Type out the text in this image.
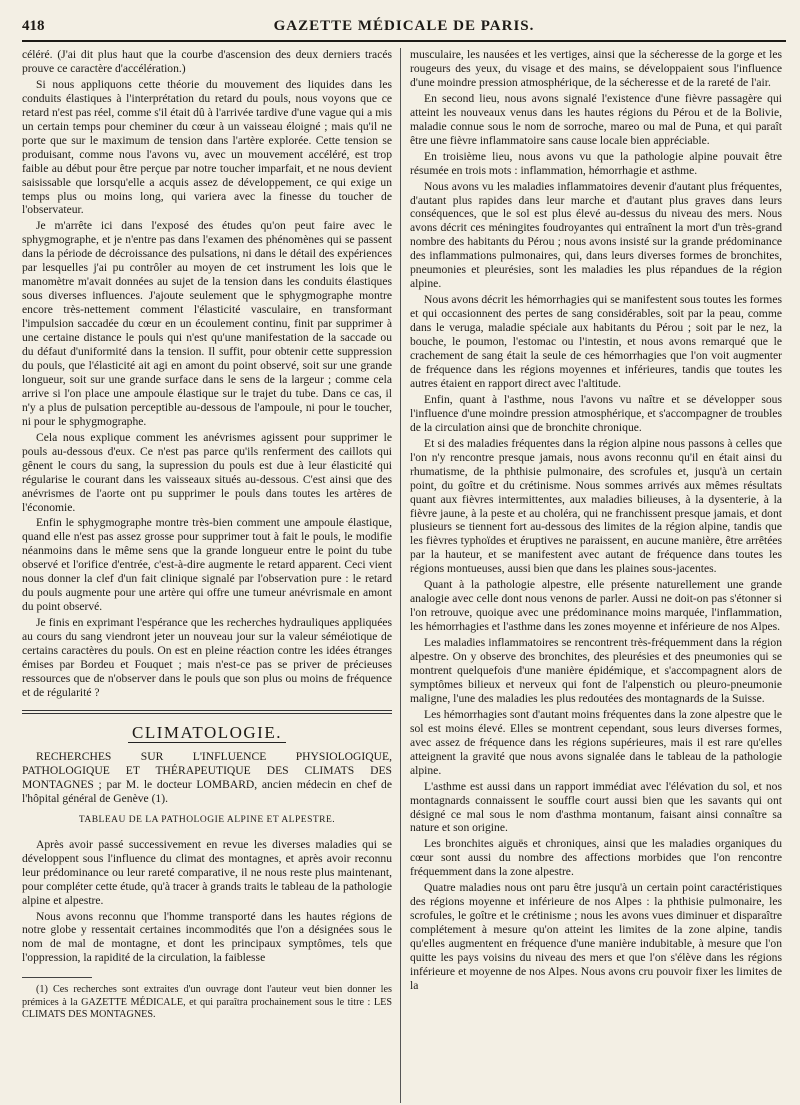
418	GAZETTE MÉDICALE DE PARIS.

céléré. (J'ai dit plus haut que la courbe d'ascension des deux derniers tracés prouve ce caractère d'accélération.)

Si nous appliquons cette théorie du mouvement des liquides dans les conduits élastiques à l'interprétation du retard du pouls, nous voyons que ce retard n'est pas réel, comme s'il était dû à l'arrivée tardive d'une vague qui a mis un certain temps pour cheminer du cœur à un vaisseau éloigné ; mais qu'il ne porte que sur le maximum de tension dans l'artère explorée. Cette tension se produisant, comme nous l'avons vu, avec un mouvement accéléré, est trop faible au début pour être perçue par notre toucher imparfait, et ne nous devient saisissable que lorsqu'elle a acquis assez de développement, ce qui exige un temps plus ou moins long, qui variera avec la finesse du toucher de l'observateur.

Je m'arrête ici dans l'exposé des études qu'on peut faire avec le sphygmographe, et je n'entre pas dans l'examen des phénomènes qui se passent dans la période de décroissance des pulsations, ni dans le détail des expériences par lesquelles j'ai pu contrôler au moyen de cet instrument les lois que le manomètre m'avait données au sujet de la tension dans les conduits élastiques sous diverses influences. J'ajoute seulement que le sphygmographe montre encore très-nettement comment l'élasticité vasculaire, en transformant l'impulsion saccadée du cœur en un écoulement continu, finit par supprimer à une certaine distance le pouls qui n'est qu'une manifestation de la saccade ou du défaut d'uniformité dans la tension. Il suffit, pour obtenir cette suppression du pouls, que l'élasticité ait agi en amont du point observé, soit sur une grande longueur, soit sur une grande surface dans le sens de la largeur ; comme cela arrive si l'on place une ampoule élastique sur le trajet du tube. Dans ce cas, il n'y a plus de pulsation perceptible au-dessous de l'ampoule, ni pour le toucher, ni pour le sphygmographe.

Cela nous explique comment les anévrismes agissent pour supprimer le pouls au-dessous d'eux. Ce n'est pas parce qu'ils renferment des caillots qui gênent le cours du sang, la supression du pouls est due à leur élasticité qui régularise le courant dans les vaisseaux situés au-dessous. C'est ainsi que des anévrismes de l'aorte ont pu supprimer le pouls dans toutes les artères de l'économie.

Enfin le sphygmographe montre très-bien comment une ampoule élastique, quand elle n'est pas assez grosse pour supprimer tout à fait le pouls, le modifie néanmoins dans le même sens que la grande longueur entre le point du tube observé et l'orifice d'entrée, c'est-à-dire augmente le retard apparent. Ceci vient nous donner la clef d'un fait clinique signalé par l'observation pure : le retard du pouls augmente pour une artère qui offre une tumeur anévrismale en amont du point observé.

Je finis en exprimant l'espérance que les recherches hydrauliques appliquées au cours du sang viendront jeter un nouveau jour sur la valeur séméiotique de certains caractères du pouls. On est en pleine réaction contre les idées étranges émises par Bordeu et Fouquet ; mais n'est-ce pas se priver de précieuses ressources que de n'observer dans le pouls que son plus ou moins de fréquence et de régularité ?

CLIMATOLOGIE.

RECHERCHES SUR L'INFLUENCE PHYSIOLOGIQUE, PATHOLOGIQUE ET THÉRAPEUTIQUE DES CLIMATS DES MONTAGNES ; par M. le docteur LOMBARD, ancien médecin en chef de l'hôpital général de Genève (1).

TABLEAU DE LA PATHOLOGIE ALPINE ET ALPESTRE.

Après avoir passé successivement en revue les diverses maladies qui se développent sous l'influence du climat des montagnes, et après avoir reconnu leur prédominance ou leur rareté comparative, il ne nous reste plus maintenant, pour compléter cette étude, qu'à tracer à grands traits le tableau de la pathologie alpine et alpestre.

Nous avons reconnu que l'homme transporté dans les hautes régions de notre globe y ressentait certaines incommodités que l'on a désignées sous le nom de mal de montagne, et dont les principaux symptômes, tels que l'oppression, la rapidité de la circulation, la faiblesse

(1) Ces recherches sont extraites d'un ouvrage dont l'auteur veut bien donner les prémices à la GAZETTE MÉDICALE, et qui paraîtra prochainement sous le titre : LES CLIMATS DES MONTAGNES.

musculaire, les nausées et les vertiges, ainsi que la sécheresse de la gorge et les rougeurs des yeux, du visage et des mains, se développaient sous l'influence d'une moindre pression atmosphérique, de la sécheresse et de la rareté de l'air.

En second lieu, nous avons signalé l'existence d'une fièvre passagère qui atteint les nouveaux venus dans les hautes régions du Pérou et de la Bolivie, maladie connue sous le nom de sorroche, mareo ou mal de Puna, et qui paraît être une fièvre inflammatoire sans cause locale bien appréciable.

En troisième lieu, nous avons vu que la pathologie alpine pouvait être résumée en trois mots : inflammation, hémorrhagie et asthme.

Nous avons vu les maladies inflammatoires devenir d'autant plus fréquentes, d'autant plus rapides dans leur marche et d'autant plus graves dans leurs conséquences, que le sol est plus élevé au-dessus du niveau des mers. Nous avons décrit ces méningites foudroyantes qui entraînent la mort d'un très-grand nombre des habitants du Pérou ; nous avons insisté sur la grande prédominance des inflammations pulmonaires, qui, dans leurs diverses formes de bronchites, pneumonies et pleurésies, sont les maladies les plus répandues de la région alpine.

Nous avons décrit les hémorrhagies qui se manifestent sous toutes les formes et qui occasionnent des pertes de sang considérables, soit par la peau, comme dans le veruga, maladie spéciale aux habitants du Pérou ; soit par le nez, la bouche, le poumon, l'estomac ou l'intestin, et nous avons remarqué que le crachement de sang était la seule de ces hémorrhagies que l'on voit augmenter de fréquence dans les régions moyennes et inférieures, tandis que toutes les autres étaient en rapport direct avec l'altitude.

Enfin, quant à l'asthme, nous l'avons vu naître et se développer sous l'influence d'une moindre pression atmosphérique, et s'accompagner de troubles de la circulation ainsi que de bronchite chronique.

Et si des maladies fréquentes dans la région alpine nous passons à celles que l'on n'y rencontre presque jamais, nous avons reconnu qu'il en était ainsi du rhumatisme, de la phthisie pulmonaire, des scrofules et, jusqu'à un certain point, du goître et du crétinisme. Nous sommes arrivés aux mêmes résultats quant aux fièvres intermittentes, aux maladies bilieuses, à la dysenterie, à la fièvre jaune, à la peste et au choléra, qui ne franchissent presque jamais, et dont plusieurs se tiennent fort au-dessous des limites de la région alpine, tandis que les fièvres typhoïdes et éruptives ne paraissent, en aucune manière, être arrêtées par la hauteur, et se manifestent avec autant de fréquence dans toutes les régions montueuses, aussi bien que dans les plaines sous-jacentes.

Quant à la pathologie alpestre, elle présente naturellement une grande analogie avec celle dont nous venons de parler. Aussi ne doit-on pas s'étonner si l'on retrouve, quoique avec une prédominance moins marquée, l'inflammation, les hémorrhagies et l'asthme dans les zones moyenne et inférieure de nos Alpes.

Les maladies inflammatoires se rencontrent très-fréquemment dans la région alpestre. On y observe des bronchites, des pleurésies et des pneumonies qui se montrent quelquefois d'une manière épidémique, et s'accompagnent alors de symptômes bilieux et nerveux qui font de l'alpenstich ou pleuro-pneumonie maligne, l'une des maladies les plus redoutées des montagnards de la Suisse.

Les hémorrhagies sont d'autant moins fréquentes dans la zone alpestre que le sol est moins élevé. Elles se montrent cependant, sous leurs diverses formes, avec assez de fréquence dans les régions supérieures, mais il est rare qu'elles atteignent la gravité que nous avons signalée dans le tableau de la pathologie alpine.

L'asthme est aussi dans un rapport immédiat avec l'élévation du sol, et nos montagnards connaissent le souffle court aussi bien que les savants qui ont désigné ce mal sous le nom d'asthma montanum, faisant ainsi connaître sa nature et son origine.

Les bronchites aiguës et chroniques, ainsi que les maladies organiques du cœur sont aussi du nombre des affections morbides que l'on rencontre fréquemment dans la zone alpestre.

Quatre maladies nous ont paru être jusqu'à un certain point caractéristiques des régions moyenne et inférieure de nos Alpes : la phthisie pulmonaire, les scrofules, le goître et le crétinisme ; nous les avons vues diminuer et disparaître complétement à mesure qu'on atteint les limites de la zone alpine, tandis qu'elles augmentent en fréquence d'une manière indubitable, à mesure que l'on quitte les pays voisins du niveau des mers et que l'on s'élève dans les régions inférieure et moyenne de nos Alpes. Nous avons cru pouvoir fixer les limites de la
